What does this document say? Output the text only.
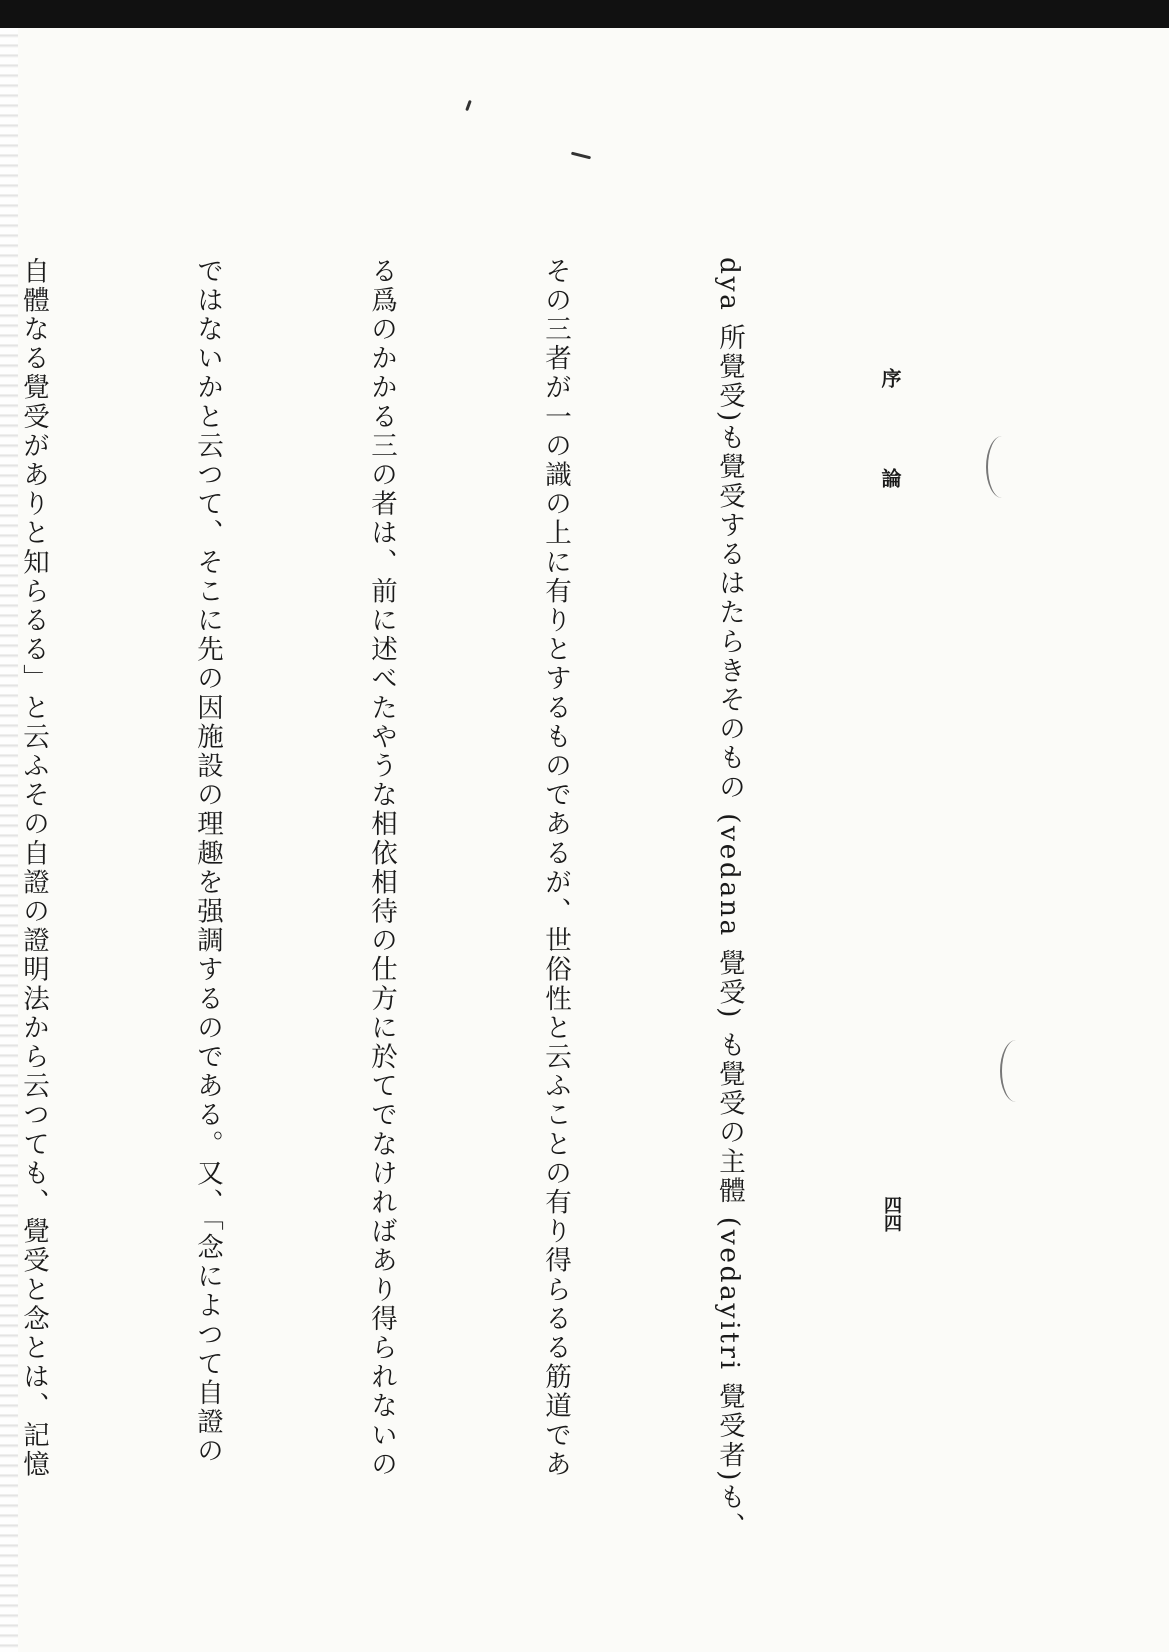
序
論
四四

dya 所覺受)も覺受するはたらきそのもの (vedana 覺受) も覺受の主體 (vedayitri 覺受者)も、

その三者が一の識の上に有りとするものであるが、世俗性と云ふことの有り得らるる筋道であ

る爲のかかる三の者は、前に述べたやうな相依相待の仕方に於てでなければあり得られないの

ではないかと云つて、そこに先の因施設の理趣を强調するのである。又、「念によつて自證の

自體なる覺受がありと知らるる」と云ふその自證の證明法から云つても、覺受と念とは、記憶
